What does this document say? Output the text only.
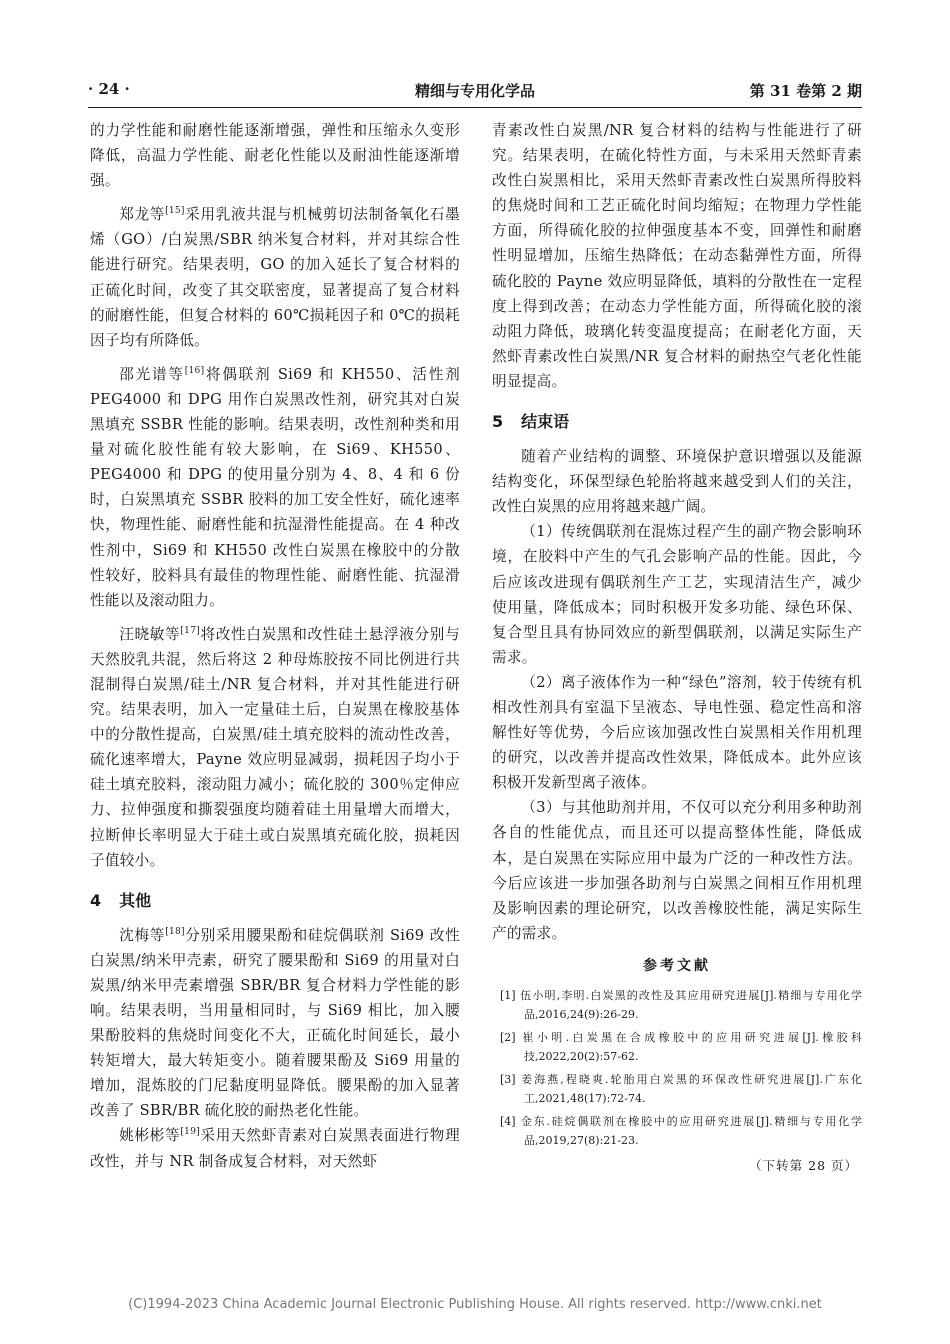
· 24 ·	精细与专用化学品	第 31 卷第 2 期

的力学性能和耐磨性能逐渐增强，弹性和压缩永久变形降低，高温力学性能、耐老化性能以及耐油性能逐渐增强。

郑龙等[15]采用乳液共混与机械剪切法制备氧化石墨烯（GO）/白炭黑/SBR 纳米复合材料，并对其综合性能进行研究。结果表明，GO 的加入延长了复合材料的正硫化时间，改变了其交联密度，显著提高了复合材料的耐磨性能，但复合材料的 60℃损耗因子和 0℃的损耗因子均有所降低。

邵光谱等[16]将偶联剂 Si69 和 KH550、活性剂 PEG4000 和 DPG 用作白炭黑改性剂，研究其对白炭黑填充 SSBR 性能的影响。结果表明，改性剂种类和用量对硫化胶性能有较大影响，在 Si69、KH550、PEG4000 和 DPG 的使用量分别为 4、8、4 和 6 份时，白炭黑填充 SSBR 胶料的加工安全性好，硫化速率快，物理性能、耐磨性能和抗湿滑性能提高。在 4 种改性剂中，Si69 和 KH550 改性白炭黑在橡胶中的分散性较好，胶料具有最佳的物理性能、耐磨性能、抗湿滑性能以及滚动阻力。

汪晓敏等[17]将改性白炭黑和改性硅土悬浮液分别与天然胶乳共混，然后将这 2 种母炼胶按不同比例进行共混制得白炭黑/硅土/NR 复合材料，并对其性能进行研究。结果表明，加入一定量硅土后，白炭黑在橡胶基体中的分散性提高，白炭黑/硅土填充胶料的流动性改善，硫化速率增大，Payne 效应明显减弱，损耗因子均小于硅土填充胶料，滚动阻力减小；硫化胶的 300％定伸应力、拉伸强度和撕裂强度均随着硅土用量增大而增大，拉断伸长率明显大于硅土或白炭黑填充硫化胶，损耗因子值较小。

4 其他

沈梅等[18]分别采用腰果酚和硅烷偶联剂 Si69 改性白炭黑/纳米甲壳素，研究了腰果酚和 Si69 的用量对白炭黑/纳米甲壳素增强 SBR/BR 复合材料力学性能的影响。结果表明，当用量相同时，与 Si69 相比，加入腰果酚胶料的焦烧时间变化不大，正硫化时间延长，最小转矩增大，最大转矩变小。随着腰果酚及 Si69 用量的增加，混炼胶的门尼黏度明显降低。腰果酚的加入显著改善了 SBR/BR 硫化胶的耐热老化性能。

姚彬彬等[19]采用天然虾青素对白炭黑表面进行物理改性，并与 NR 制备成复合材料，对天然虾

青素改性白炭黑/NR 复合材料的结构与性能进行了研究。结果表明，在硫化特性方面，与未采用天然虾青素改性白炭黑相比，采用天然虾青素改性白炭黑所得胶料的焦烧时间和工艺正硫化时间均缩短；在物理力学性能方面，所得硫化胶的拉伸强度基本不变，回弹性和耐磨性明显增加，压缩生热降低；在动态黏弹性方面，所得硫化胶的 Payne 效应明显降低，填料的分散性在一定程度上得到改善；在动态力学性能方面，所得硫化胶的滚动阻力降低，玻璃化转变温度提高；在耐老化方面，天然虾青素改性白炭黑/NR 复合材料的耐热空气老化性能明显提高。

5 结束语

随着产业结构的调整、环境保护意识增强以及能源结构变化，环保型绿色轮胎将越来越受到人们的关注，改性白炭黑的应用将越来越广阔。

（1）传统偶联剂在混炼过程产生的副产物会影响环境，在胶料中产生的气孔会影响产品的性能。因此，今后应该改进现有偶联剂生产工艺，实现清洁生产，减少使用量，降低成本；同时积极开发多功能、绿色环保、复合型且具有协同效应的新型偶联剂，以满足实际生产需求。

（2）离子液体作为一种“绿色”溶剂，较于传统有机相改性剂具有室温下呈液态、导电性强、稳定性高和溶解性好等优势，今后应该加强改性白炭黑相关作用机理的研究，以改善并提高改性效果，降低成本。此外应该积极开发新型离子液体。

（3）与其他助剂并用，不仅可以充分利用多种助剂各自的性能优点，而且还可以提高整体性能，降低成本，是白炭黑在实际应用中最为广泛的一种改性方法。今后应该进一步加强各助剂与白炭黑之间相互作用机理及影响因素的理论研究，以改善橡胶性能，满足实际生产的需求。

参考文献
[1] 伍小明,李明.白炭黑的改性及其应用研究进展[J].精细与专用化学品,2016,24(9):26-29.
[2] 崔小明.白炭黑在合成橡胶中的应用研究进展[J].橡胶科技,2022,20(2):57-62.
[3] 姜海燕,程晓爽.轮胎用白炭黑的环保改性研究进展[J].广东化工,2021,48(17):72-74.
[4] 金东.硅烷偶联剂在橡胶中的应用研究进展[J].精细与专用化学品,2019,27(8):21-23.
（下转第 28 页）
(C)1994-2023 China Academic Journal Electronic Publishing House. All rights reserved. http://www.cnki.net
